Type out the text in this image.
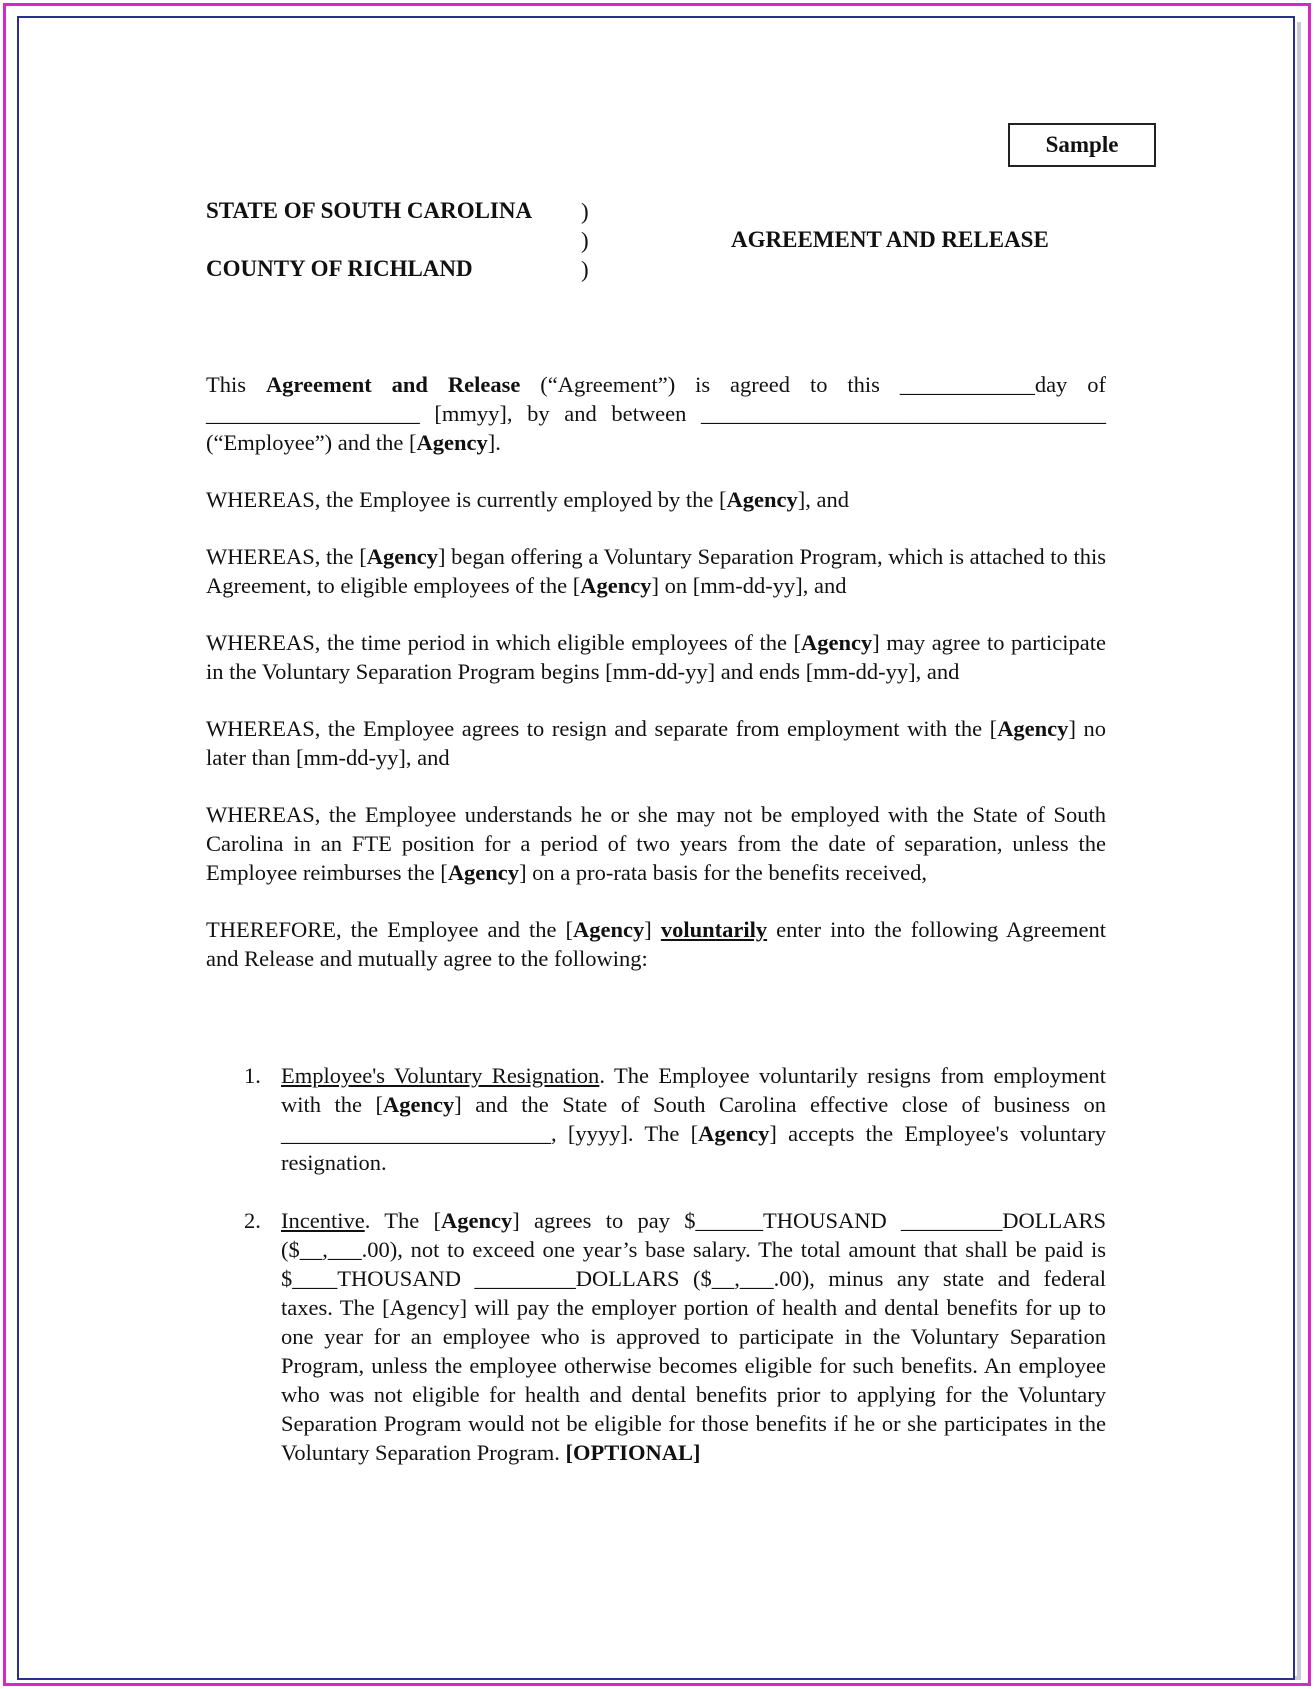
Sample
STATE OF SOUTH CAROLINA
COUNTY OF RICHLAND
)
)
)
AGREEMENT AND RELEASE

This Agreement and Release (“Agreement”) is agreed to this ____________day of ___________________ [mmyy], by and between ____________________________________ (“Employee”) and the [Agency].

WHEREAS, the Employee is currently employed by the [Agency], and

WHEREAS, the [Agency] began offering a Voluntary Separation Program, which is attached to this Agreement, to eligible employees of the [Agency] on [mm-dd-yy], and

WHEREAS, the time period in which eligible employees of the [Agency] may agree to participate in the Voluntary Separation Program begins [mm-dd-yy] and ends [mm-dd-yy], and

WHEREAS, the Employee agrees to resign and separate from employment with the [Agency] no later than [mm-dd-yy], and

WHEREAS, the Employee understands he or she may not be employed with the State of South Carolina in an FTE position for a period of two years from the date of separation, unless the Employee reimburses the [Agency] on a pro-rata basis for the benefits received,

THEREFORE, the Employee and the [Agency] voluntarily enter into the following Agreement and Release and mutually agree to the following:

1. Employee's Voluntary Resignation. The Employee voluntarily resigns from employment with the [Agency] and the State of South Carolina effective close of business on ________________________, [yyyy]. The [Agency] accepts the Employee's voluntary resignation.
2. Incentive. The [Agency] agrees to pay $______THOUSAND _________DOLLARS ($__,___.00), not to exceed one year’s base salary. The total amount that shall be paid is $____THOUSAND _________DOLLARS ($__,___.00), minus any state and federal taxes. The [Agency] will pay the employer portion of health and dental benefits for up to one year for an employee who is approved to participate in the Voluntary Separation Program, unless the employee otherwise becomes eligible for such benefits. An employee who was not eligible for health and dental benefits prior to applying for the Voluntary Separation Program would not be eligible for those benefits if he or she participates in the Voluntary Separation Program. [OPTIONAL]
